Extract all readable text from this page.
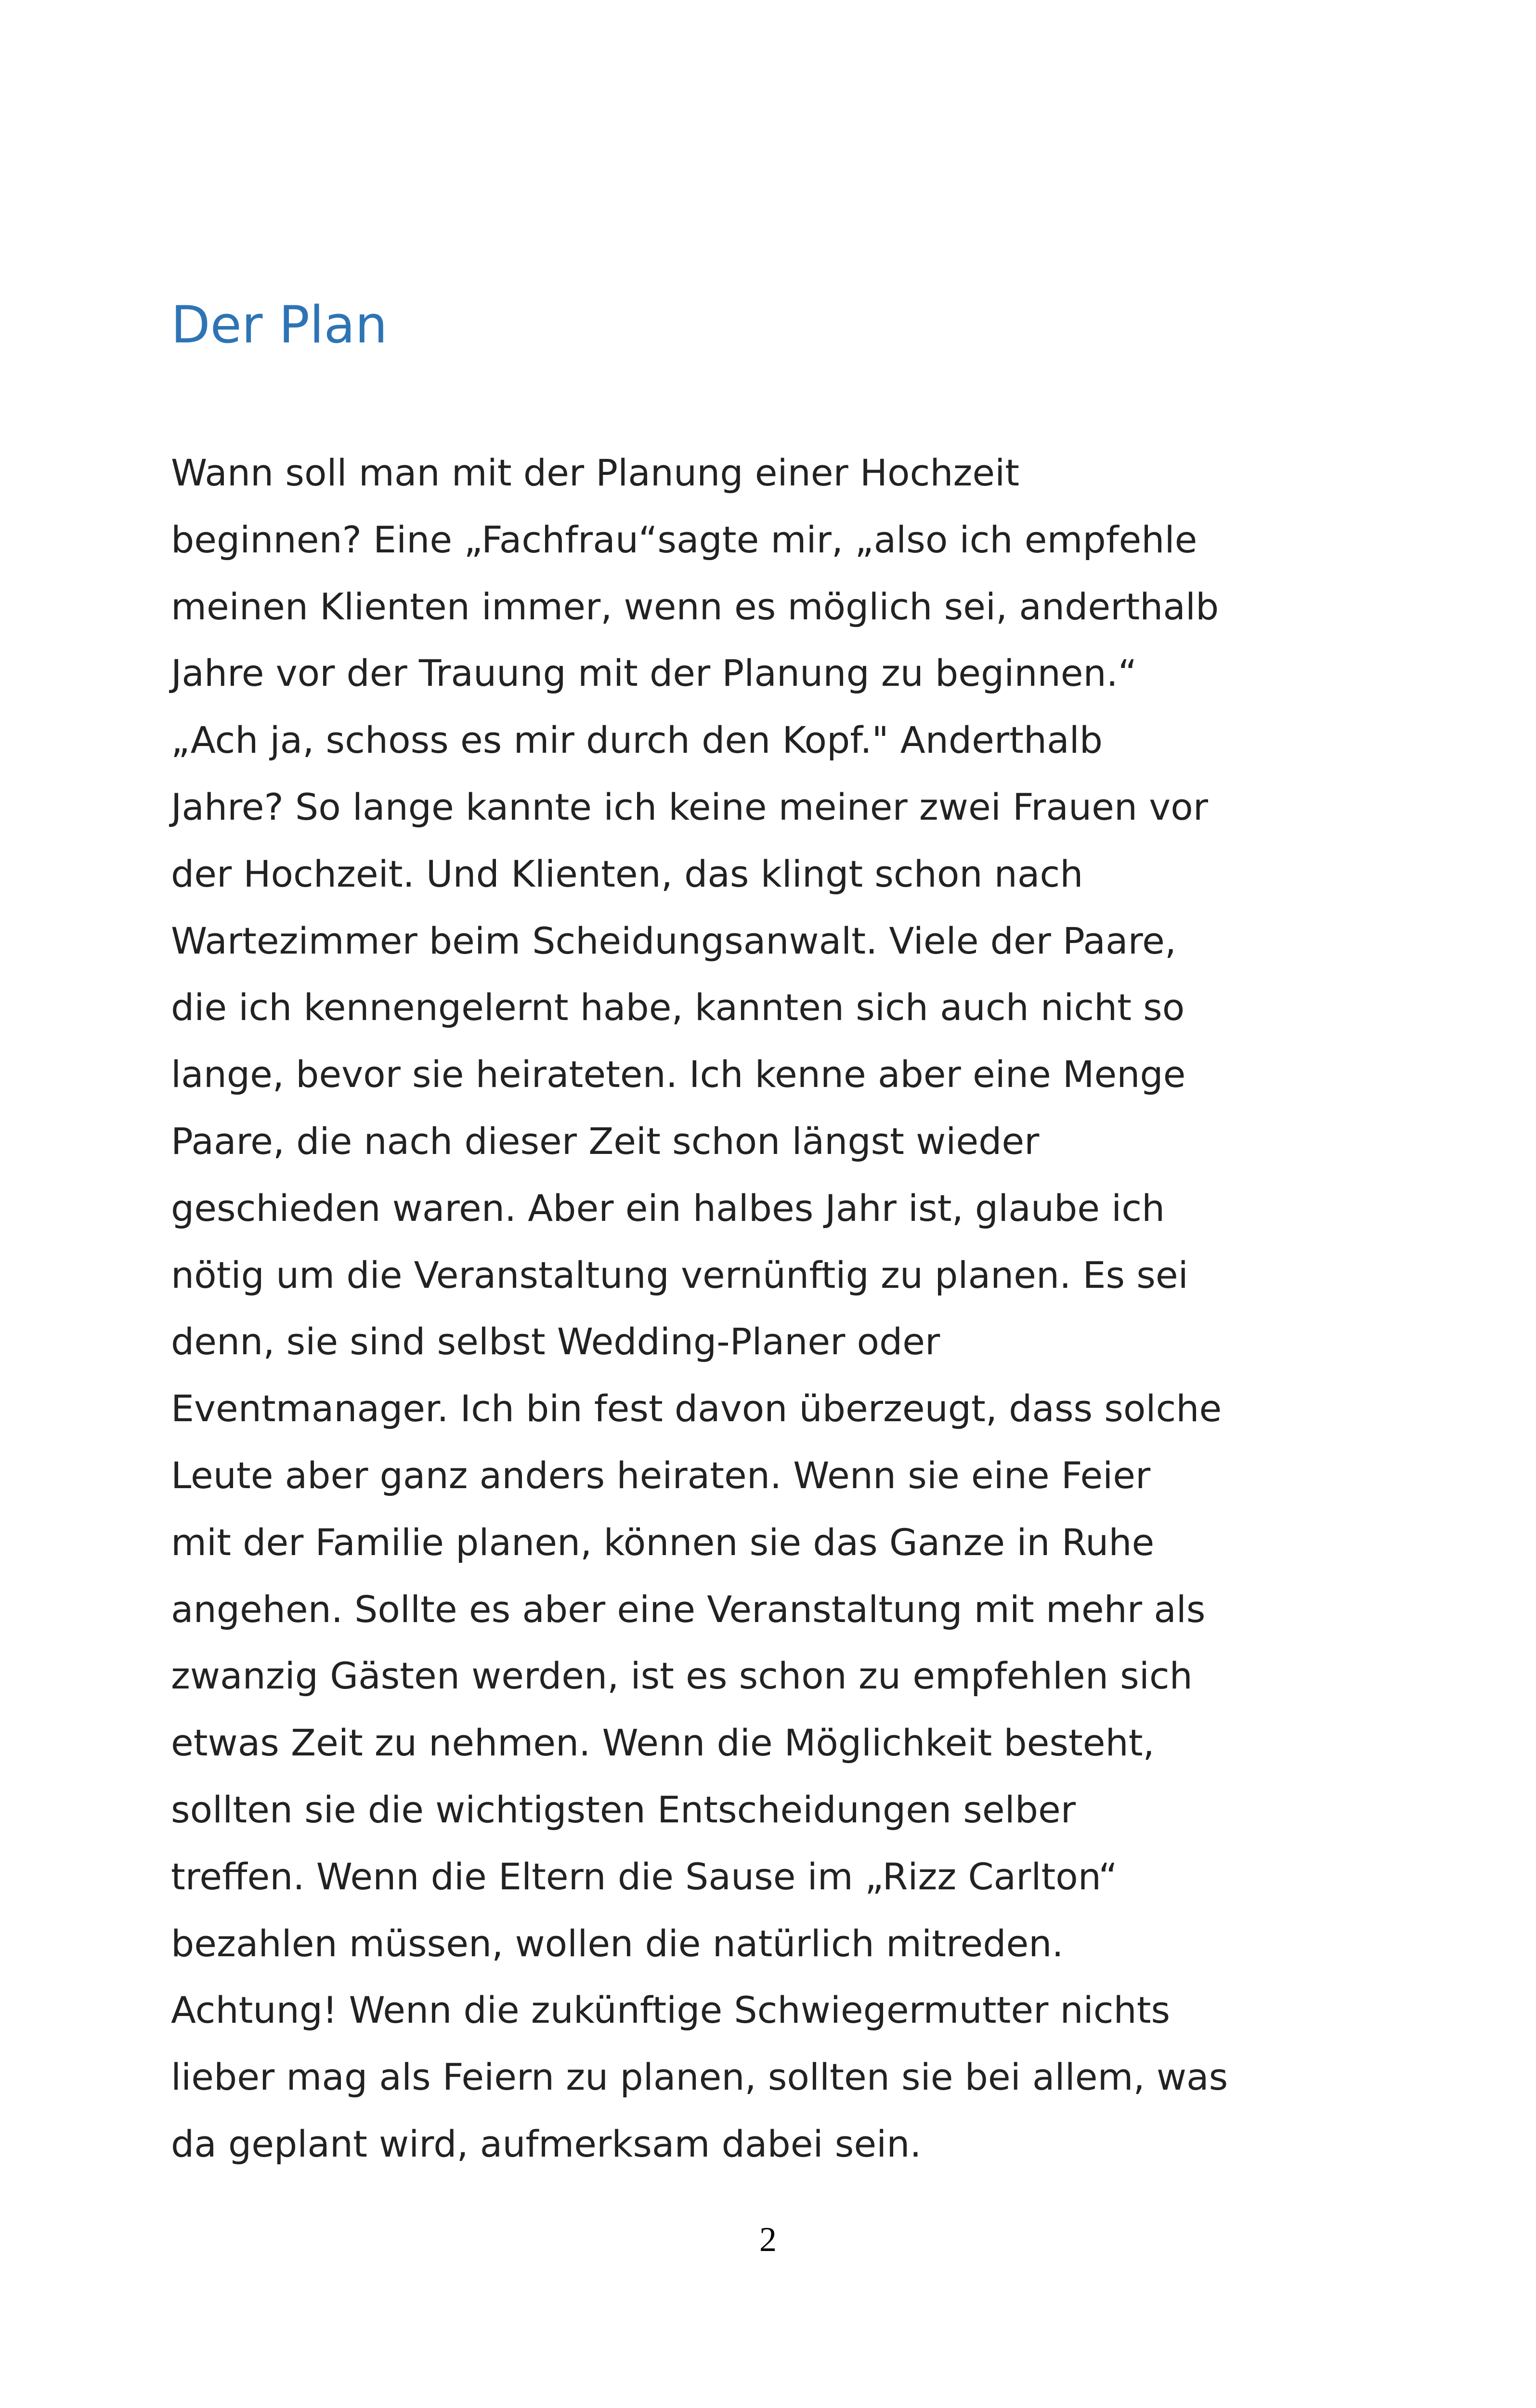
Der Plan
Wann soll man mit der Planung einer Hochzeit
beginnen? Eine „Fachfrau“sagte mir, „also ich empfehle
meinen Klienten immer, wenn es möglich sei, anderthalb
Jahre vor der Trauung mit der Planung zu beginnen.“
„Ach ja, schoss es mir durch den Kopf." Anderthalb
Jahre? So lange kannte ich keine meiner zwei Frauen vor
der Hochzeit. Und Klienten, das klingt schon nach
Wartezimmer beim Scheidungsanwalt. Viele der Paare,
die ich kennengelernt habe, kannten sich auch nicht so
lange, bevor sie heirateten. Ich kenne aber eine Menge
Paare, die nach dieser Zeit schon längst wieder
geschieden waren. Aber ein halbes Jahr ist, glaube ich
nötig um die Veranstaltung vernünftig zu planen. Es sei
denn, sie sind selbst Wedding-Planer oder
Eventmanager. Ich bin fest davon überzeugt, dass solche
Leute aber ganz anders heiraten. Wenn sie eine Feier
mit der Familie planen, können sie das Ganze in Ruhe
angehen. Sollte es aber eine Veranstaltung mit mehr als
zwanzig Gästen werden, ist es schon zu empfehlen sich
etwas Zeit zu nehmen. Wenn die Möglichkeit besteht,
sollten sie die wichtigsten Entscheidungen selber
treffen. Wenn die Eltern die Sause im „Rizz Carlton“
bezahlen müssen, wollen die natürlich mitreden.
Achtung! Wenn die zukünftige Schwiegermutter nichts
lieber mag als Feiern zu planen, sollten sie bei allem, was
da geplant wird, aufmerksam dabei sein.
2
